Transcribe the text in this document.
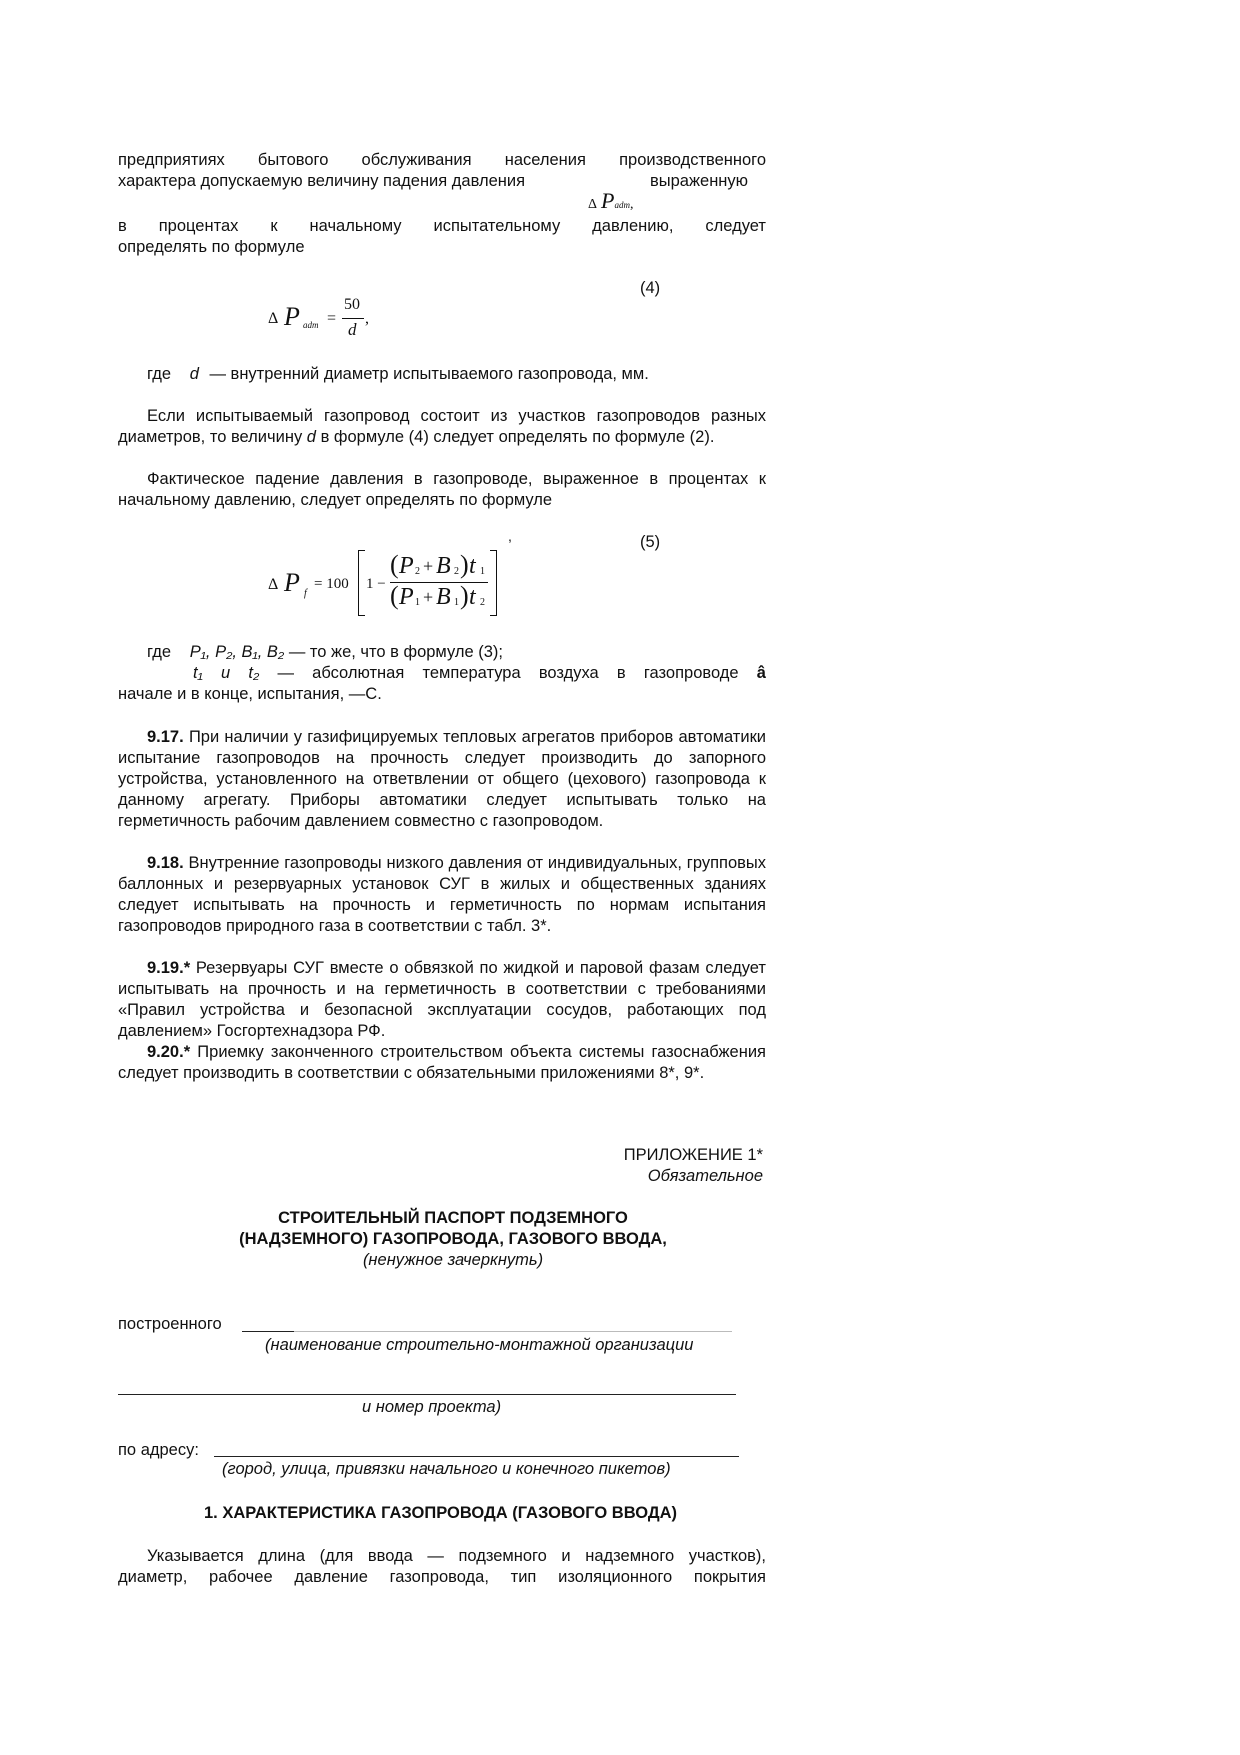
предприятиях бытового обслуживания населения производственного
характера допускаемую величину падения давления	выраженную
Δ Padm,
в процентах к начальному испытательному давлению, следует
определять по формуле
(4)
Δ P adm =
50
d
,
где d — внутренний диаметр испытываемого газопровода, мм.
Если испытываемый газопровод состоит из участков газопроводов разных диаметров, то величину d в формуле (4) следует определять по формуле (2).
Фактическое падение давления в газопроводе, выраженное в процентах к начальному давлению, следует определять по формуле
(5)
,
Δ P f
= 100 1 −
( P 2 + B 2 ) t 1
( P 1 + B 1 ) t 2
где P₁, P₂, B₁, B₂ — то же, что в формуле (3);
t₁ и t₂ — абсолютная температура воздуха в газопроводе â
начале и в конце, испытания, —С.
9.17. При наличии у газифицируемых тепловых агрегатов приборов автоматики испытание газопроводов на прочность следует производить до запорного устройства, установленного на ответвлении от общего (цехового) газопровода к данному агрегату. Приборы автоматики следует испытывать только на герметичность рабочим давлением совместно с газопроводом.
9.18. Внутренние газопроводы низкого давления от индивидуальных, групповых баллонных и резервуарных установок СУГ в жилых и общественных зданиях следует испытывать на прочность и герметичность по нормам испытания газопроводов природного газа в соответствии с табл. 3*.
9.19.* Резервуары СУГ вместе о обвязкой по жидкой и паровой фазам следует испытывать на прочность и на герметичность в соответствии с требованиями «Правил устройства и безопасной эксплуатации сосудов, работающих под давлением» Госгортехнадзора РФ.
9.20.* Приемку законченного строительством объекта системы газоснабжения следует производить в соответствии с обязательными приложениями 8*, 9*.
ПРИЛОЖЕНИЕ 1*
Обязательное
СТРОИТЕЛЬНЫЙ ПАСПОРТ ПОДЗЕМНОГО
(НАДЗЕМНОГО) ГАЗОПРОВОДА, ГАЗОВОГО ВВОДА,
(ненужное зачеркнуть)
построенного
(наименование строительно-монтажной организации
и номер проекта)
по адресу:
(город, улица, привязки начального и конечного пикетов)
1. ХАРАКТЕРИСТИКА ГАЗОПРОВОДА (ГАЗОВОГО ВВОДА)
Указывается длина (для ввода — подземного и надземного участков),
диаметр, рабочее давление газопровода, тип изоляционного покрытия
